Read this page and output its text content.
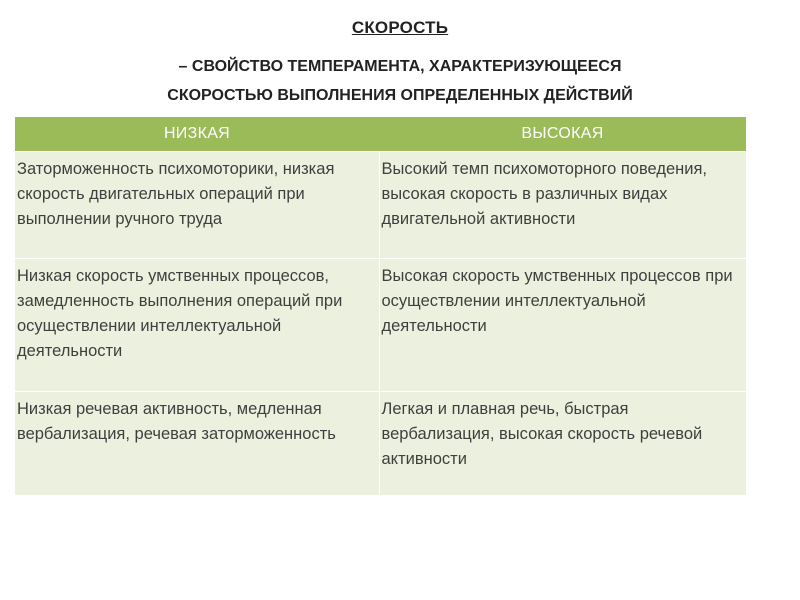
СКОРОСТЬ
– СВОЙСТВО ТЕМПЕРАМЕНТА, ХАРАКТЕРИЗУЮЩЕЕСЯ
СКОРОСТЬЮ ВЫПОЛНЕНИЯ ОПРЕДЕЛЕННЫХ ДЕЙСТВИЙ
НИЗКАЯ	ВЫСОКАЯ
Заторможенность психомоторики, низкая скорость двигательных операций при выполнении ручного труда	Высокий темп психомоторного поведения, высокая скорость в различных видах двигательной активности
Низкая скорость умственных процессов, замедленность выполнения операций при осуществлении интеллектуальной деятельности	Высокая скорость умственных процессов при осуществлении интеллектуальной деятельности
Низкая речевая активность, медленная вербализация, речевая заторможенность	Легкая и плавная речь, быстрая вербализация, высокая скорость речевой активности
